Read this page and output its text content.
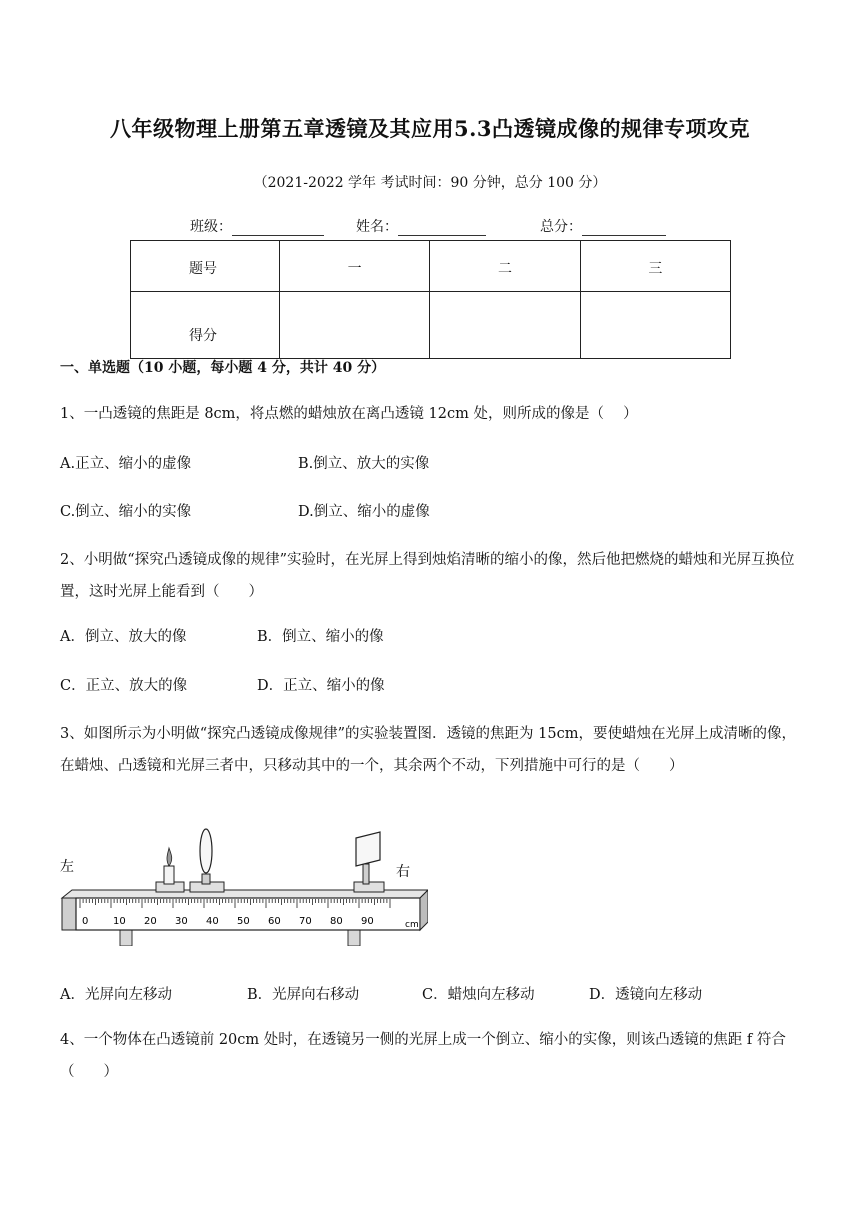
八年级物理上册第五章透镜及其应用5.3凸透镜成像的规律专项攻克
（2021-2022 学年 考试时间：90 分钟，总分 100 分）
班级：	姓名：	总分：
题号	一	二	三
得分			
一、单选题（10 小题，每小题 4 分，共计 40 分）
1、一凸透镜的焦距是 8cm，将点燃的蜡烛放在离凸透镜 12cm 处，则所成的像是（　 ）
A.正立、缩小的虚像	B.倒立、放大的实像
C.倒立、缩小的实像	D.倒立、缩小的虚像
2、小明做“探究凸透镜成像的规律”实验时，在光屏上得到烛焰清晰的缩小的像，然后他把燃烧的蜡烛和光屏互换位置，这时光屏上能看到（　　）
A．倒立、放大的像	B．倒立、缩小的像
C．正立、放大的像	D．正立、缩小的像
3、如图所示为小明做“探究凸透镜成像规律”的实验装置图．透镜的焦距为 15cm，要使蜡烛在光屏上成清晰的像，在蜡烛、凸透镜和光屏三者中，只移动其中的一个，其余两个不动，下列措施中可行的是（　　）
左	右
0 10 20 30 40 50 60 70 80 90	cm
A．光屏向左移动	B．光屏向右移动	C．蜡烛向左移动	D．透镜向左移动
4、一个物体在凸透镜前 20cm 处时，在透镜另一侧的光屏上成一个倒立、缩小的实像，则该凸透镜的焦距 f 符合（　　）
